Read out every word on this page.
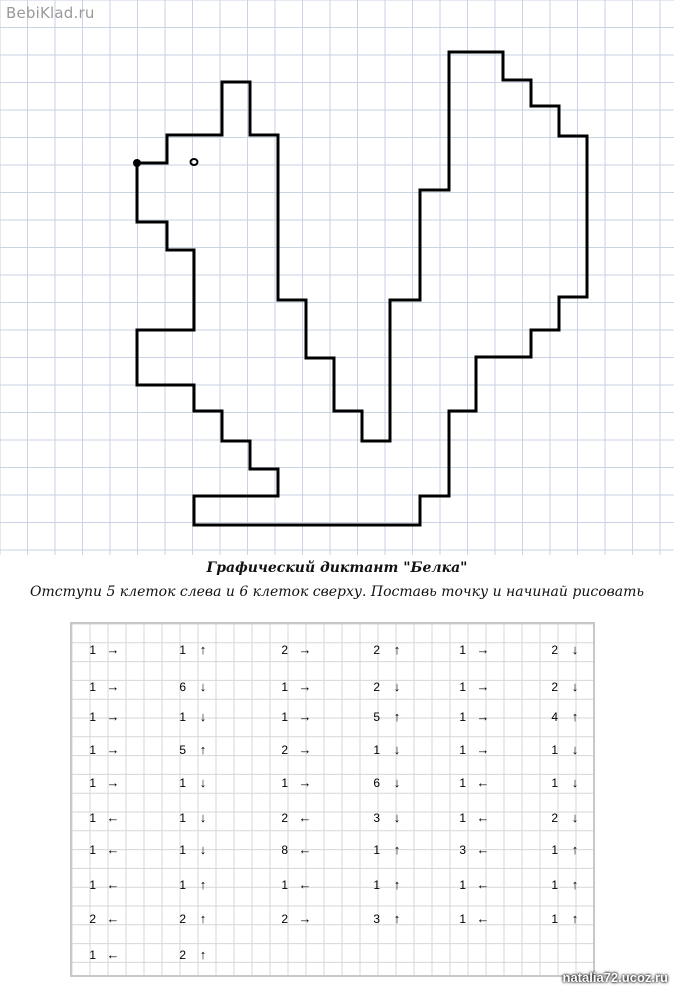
BebiKlad.ru
Графический диктант "Белка"
Отступи 5 клеток слева и 6 клеток сверху. Поставь точку и начинай рисовать
1 →
1 →
1 →
1 →
1 →
1 ←
1 ←
1 ←
2 ←
1 ←
1 ↑
6 ↓
1 ↓
5 ↑
1 ↓
1 ↓
1 ↓
1 ↑
2 ↑
2 ↑
2 →
1 →
1 →
2 →
1 →
2 ←
8 ←
1 ←
2 →
2 ↑
2 ↓
5 ↑
1 ↓
6 ↓
3 ↓
1 ↑
1 ↑
3 ↑
1 →
1 →
1 →
1 →
1 ←
1 ←
3 ←
1 ←
1 ←
2 ↓
2 ↓
4 ↑
1 ↓
1 ↓
2 ↓
1 ↑
1 ↑
1 ↑
natalia72.ucoz.ru
